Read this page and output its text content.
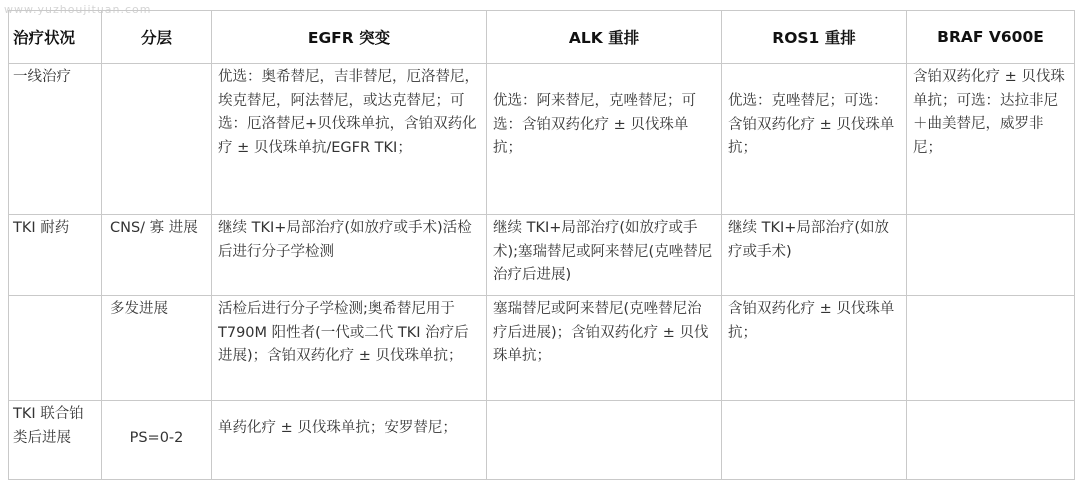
www.yuzhoujituan.com
治疗状况	分层	EGFR 突变	ALK 重排	ROS1 重排	BRAF V600E

一线治疗		优选：奥希替尼，吉非替尼，厄洛替尼，埃克替尼，阿法替尼，或达克替尼；可选：厄洛替尼+贝伐珠单抗，含铂双药化疗 ± 贝伐珠单抗/EGFR TKI；	优选：阿来替尼，克唑替尼；可选：含铂双药化疗 ± 贝伐珠单抗；	优选：克唑替尼；可选：含铂双药化疗 ± 贝伐珠单抗；	含铂双药化疗 ± 贝伐珠单抗；可选：达拉非尼＋曲美替尼，威罗非尼；

TKI 耐药	CNS/ 寡 进展	继续 TKI+局部治疗(如放疗或手术)活检后进行分子学检测	继续 TKI+局部治疗(如放疗或手术);塞瑞替尼或阿来替尼(克唑替尼治疗后进展)	继续 TKI+局部治疗(如放疗或手术)	

	多发进展	活检后进行分子学检测;奥希替尼用于 T790M 阳性者(一代或二代 TKI 治疗后进展)；含铂双药化疗 ± 贝伐珠单抗；	塞瑞替尼或阿来替尼(克唑替尼治疗后进展)；含铂双药化疗 ± 贝伐珠单抗；	含铂双药化疗 ± 贝伐珠单抗；	

TKI 联合铂类后进展	PS=0-2	单药化疗 ± 贝伐珠单抗；安罗替尼；			
